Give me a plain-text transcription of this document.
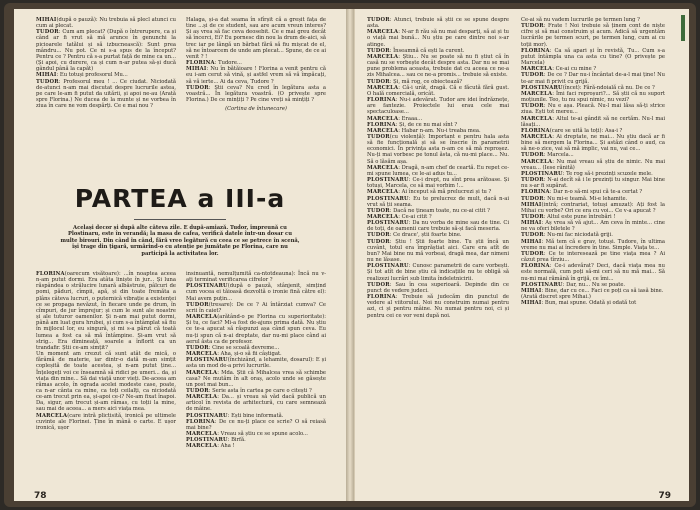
MIHAI(după o pauză): Nu trebuia să plecl atunci cu cum ai plecat.

TUDOR: Cum am plecat? (După o întrerupere, ca și când ar fi vrut să mă arunce în genunchi la picioarele tatălui și să izbucnească): Sunt prea mândru... Nu pot. Ce ni s-a spus de la început? Pentru ce ? Pentru că s-a purtat față de mine ca un... (Și apoi, cu durere, ca și cum n-ar putea să-și ducă gândul până la capăt)

MIHAI: Eu totuși profesorul Mu...

TUDOR: Profesorul meu ! ... Ce ciudat. Niciodată de-atunci n-am mai discutat despre lucrurile astea, pe care le-am fi putut da uitării, și apoi ne-au (Arată spre Florina.) Ne ducea de la munte și ne vorbea în ziua în care ne vom despărți. Ce e mai nou ?

Halaga, și-a dat seama în sfîrșit că a greșit fața de tine ...și de ce student, sau are acum vreun interes? Și aș vrea să fac ceva deosebit. Ce e mai greu decât să încerci, Ei? Eu pornesc din nou la drum de-aici, să trec iar pe lângă un bărbat fără să fiu mișcat de el, să ne întoarcem de unde am plecat... Spune, de ce ai venit ? !

FLORINA: Tudore...

MIHAI: Nu în bătăioare ! Florina a venit pentru că eu i-am cerut să vină, și astfel vrem să vă împăcați, să vă ierte... Ai da ceva, Tudore ?

TUDOR: Știi ceva? Nu cred în legătura asta a voastră... În legătura voastră. (O privește spre Florina.) De ce mințiți ? Pe cine vreți să mințiți ?

(Cortina de întunecare)

PARTEA a III-a
Același decor și după alte câteva zile. E după-amiază. Tudor, împreună cu Plostinaru, este în verandă; la masa de cafea, verifică datele într-un dosar cu multe birouri. Din când în când, fără vreo legătură cu ceea ce se petrece în scenă, își trage din țigară, urmărind-o cu atenție pe jumătate pe Florina, care nu participă la activitatea lor.

FLORINA(oarecum visătoare): ...în noaptea aceea n-am putut dormi. Era atâta liniște în jur... Și luna răspândea o strălucire lunară albăstruie, pâlcuri de pomi, păduri, cîmpii, apă, și din toate fremăta a plâns câteva lucruri, o puternică vibrație a existenței ce se propaga nevăzut, în fiecare unde pe drum, în cîmpuri, de jur împrejur; și cum le sunt ale noastre și ale tuturor oamenilor. Și n-am mai putut dormi, până am luat gura hrubei, și cum s-a întâmplat să fiu în mijlocul lor, eu singură, și mi s-a părut că toată lumea a fost ca să mă întâmpine. Și-am vrut să strig... Era dimineață, soarele a înflorit ca un trandafir. Știi ce-am simțit?

Un moment am crezut că sunt atât de mică, o fărâmă de materie, iar dintr-o dată m-am simțit copleșită de toate acestea, și n-am putut ține... Înțelegeți voi ce înseamnă să ridici pe umeri... da, și viața din mine... Să dai viață unor vieți. De-aceea am rămas acolo, în ograda acelei modeste case, poate, ca n-ar cânta ca mine, ca toți ceilalți, ca niciodată ce-am trecut prin ea, și-apoi ce-i? Ne-am fixat înapoi. Da, sigur, am trecut și-am rămas, cu toții la mine, sau mai de aceea... a mers aici viața mea.

MARCELA(care intră plictisită, ironică pe ultimele cuvinte ale Florinei. Ține în mână o carte. E ușor ironică, ușor

insinuantă, nemulțumită ca-ntotdeauna): Încă nu v-ați terminat verificarea cifrelor ?

PLOSTINARU(după o pauză, stânjenit, simțind cum vocea ei tăioasă dezvoltă o ironie fină către el): Mai avem puțin...

TUDOR(tresare): De ce ? Ai întârziat cumva? Ce scrii în caiet?

MARCELA(arătând-o pe Florina cu superioritate): Și tu, ce faci? Mi-a fost de-ajuns prima dată. Nu știu ce te-a apucat să răspunzi așa când spun ceva. Eu nu-ți spun că n-ai dreptate, dar nu-mi place când ai aerul ăsta ca de profesor.

TUDOR: Cine se scoală devreme...

MARCELA: Aha, și-o să fii câștigat.

PLOSTINARU(închizând, a lehamite, dosarul): E și asta un mod de-a privi lucrurile.

MARCELA: Mda. Știi că Mihalcea vrea să schimbe casa? Ne mutăm în alt oraș, acolo unde se găsește un post mai bun...

TUDOR: Serie asta în cartea pe care o citești ?

MARCELA: Da... și vreau să văd dacă publică un articol în revista de arhitectură, cu care semnează de mâine.

PLOSTINARU: Ești bine informată.

FLORINA: De ce nu-ți place ce scrie? O să reiasă mai bine?

MARCELA: Vreau să știu ce se spune acolo...

PLOSTINARU: Birfă.

MARCELA: Aha !

78

TUDOR: Atunci, trebuie să știi ce se spune despre asta.

MARCELA: N-ar fi rău să nu mai desparți, să ai și tu o viață mai bună... Nu știu pe care dintre noi s-ar atinge.

TUDOR: Înseamnă că ești la curent.

MARCELA: Știu... Nu se poate să nu fi știut că în casă nu se vorbește decât despre asta. Dar nu se mai pune problema aceasta, trebuie dat cu aceea ce ne-a zis Mihalcea... sau ce ne-a promis... trebuie să existe.

TUDOR: Și, mă rog, ce obiectează?

MARCELA: Că-i urât, dragă. Că e făcută fără gust. O hală comercială, oricât.

FLORINA: Nu-i adevărat. Tudor are idei îndrăznețe, are fantezie. Proiectele lui erau cele mai spectaculoase...

MARCELA: Eraaa...

FLORINA: Și, de ce nu mai sînt ?

MARCELA: Habar n-am. Nu-i treaba mea.

TUDOR(cu violență): Important e pentru hala asta să fie funcțională și să se înscrie în parametrii economici. În privința asta n-am ce să mă reproșez. Nu-ți mai vorbesc pe tonul ăsta, că nu-mi place... Nu. Să o lăsăm așa.

MARCELA: Dragă, n-am chef de ceartă. Eu repet ce-mi spune lumea, ce le-ai adus tu...

PLOSTINARU: Ce-i drept, nu sînt prea arătoase. Și totuși, Marcela, ce să mai vorbim !...

MARCELA: Ai început să mă prelucrezi și tu ?

PLOSTINARU: Eu te prelucrez de mult, dacă n-ai vrut să ții seama.

TUDOR: Dacă ne țineam toate, nu ce-ai citit ?

MARCELA: Ce-ai citit ?

PLOSTINARU: Da nu vorba de mine sau de tine. Ci de toți, de oamenii care trebuie să-și facă meseria.

TUDOR: Ce drace', știi foarte bine.

TUDOR: Știu ! Știi foarte bine. Tu știi încă un cuvânt, totul era împrăștiat aici. Care era atît de bun? Mai bine nu mă vorbeai, dragă mea, dar nimeni nu ne lăsase.

PLOSTINARU: Cunosc parametrii de care vorbești. Și tot atît de bine știu că indicațiile nu te obligă să realizezi lucrări sub limita îndeletnicirii.

TUDOR: Sau în cea superioară. Depinde din ce punct de vedere judeci.

FLORINA: Trebuie să judecăm din punctul de vedere al viitorului. Noi nu construim numai pentru azi, ci și pentru mâine. Nu numai pentru noi, ci și pentru cei ce vor veni după noi.

Ce-ai să nu vadem lucrurile pe termen lung ?

TUDOR: Frate ! Noi trebuie să ținem cont de niște cifre și să mai construim și acum. Adică să urgentăm lucrările pe termen scurt, pe termen lung, cum ai cu toții mor).

FLORINA: Ca să apari și în revistă, Tu... Cum s-a putut întâmpla una ca asta cu tine? (O privește pe Marcela)

MARCELA: Ce-ai cu mine ?

TUDOR: De ce ? Dar nu-i încântat de-a-l mai ține! Nu te-ar mai fi privit cu grijă.

PLOSTINARU(încet): Fără-ndoială că nu. De ce ?

MARCELA: Îmi faci reproșuri?... Să știi că nu suport moțiunile. Teo, tu nu spui nimic, nu vezi?

TUDOR: Nu e așa. Pleacă. Nu-l mai lăsa să-ți strice ziua. Ești tot mereu...

MARCELA: Altul te-ai gândit să ne certăm. Nu-l mai lăsați...

FLORINA(care se uită la toți): Asa-i ?

MARCELA: Ai dreptate, ne mai... Nu știu dacă ar fi bine să mergem la Florina... Și astăzi când o aud, ca să ne-o zice, vai să mă implic, vai nu, vai ce...

TUDOR: Marcela...

MARCELA: Nu mai vreau să știu de nimic. Nu mai vreau... (Iese rănită)

PLOSTINARU: Te rog să-i prezinți scuzele mele.

TUDOR: N-ai decît să i le prezinți tu singur. Mai bine nu s-ar fi supărat.

FLORINA: Dar n-o să-mi spui că te-a certat ?

TUDOR: Nu mi-e teamă. Mi-e lehamite.

MIHAI(intră; contrariat, totuși amuzat): Ați fost la Mihai cu vorbe? Ori ce era cu voi... Ce v-a apucat ?

TUDOR: Altul este pune întrebări !

MIHAI: Aș vrea să vă ajut... Am ceva în minte... cine ne va oferi biletele ?

TUDOR: Nu-mi fac niciodată griji.

MIHAI: Mă tem că e grav, totuși. Tudore, în ultima vreme nu mai ai încredere în tine. Simple. Viața te...

TUDOR: Ce te interesează pe tine viața mea ? Ai căzut prea tîrziu...

FLORINA: Ce-i adevărat? Deci, dacă viața mea nu este normală, cum poți să-mi ceri să nu mă mai... Să nu-mi mai rămână în grijă, ce îmi...

PLOSTINARU: Dar, nu... Nu se poate.

MIHAI: Bine, dar cu ce... Faci ce poți ca să iasă bine.

(Arată discret spre Mihai.)

MIHAI: Bun, mai spune. Odată și odată tot

79
